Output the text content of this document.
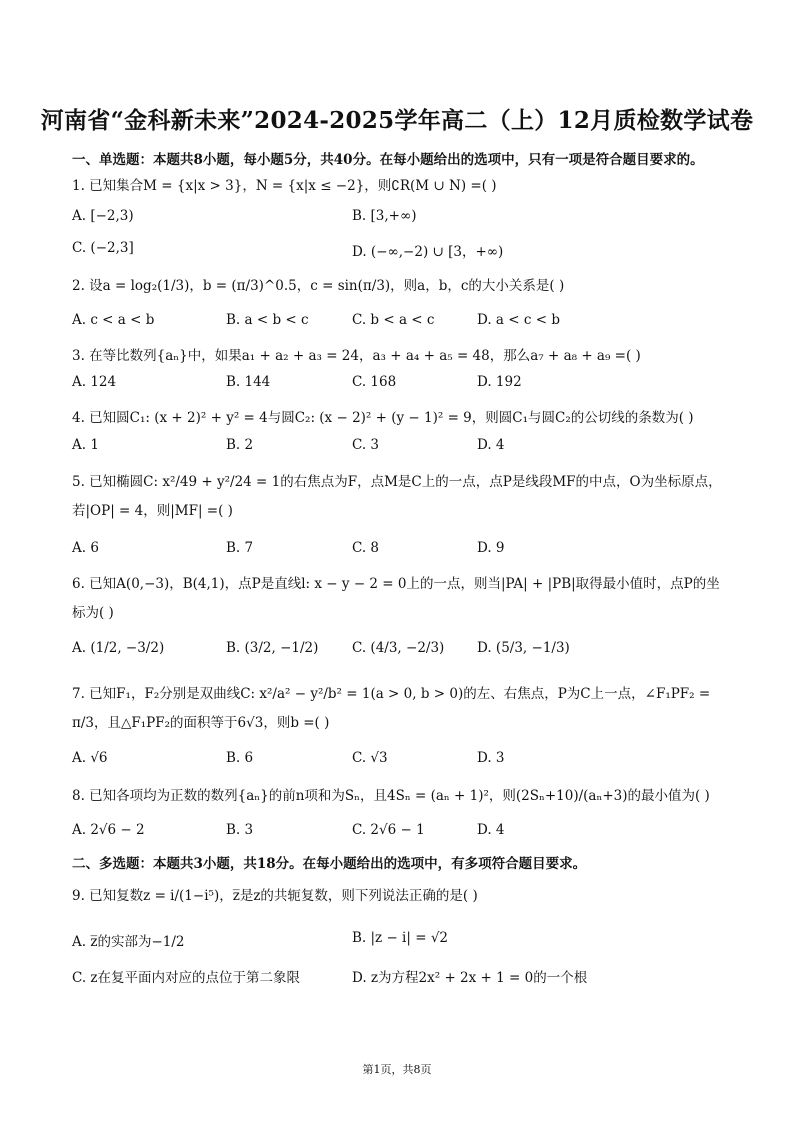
河南省“金科新未来”2024-2025学年高二（上）12月质检数学试卷
一、单选题：本题共8小题，每小题5分，共40分。在每小题给出的选项中，只有一项是符合题目要求的。
1. 已知集合M = {x|x > 3}，N = {x|x ≤ −2}，则∁R(M ∪ N) =( )
A. [−2,3)	B. [3,+∞)
C. (−2,3]	D. (−∞,−2) ∪ [3，+∞)
2. 设a = log₂(1/3)，b = (π/3)^0.5，c = sin(π/3)，则a，b，c的大小关系是( )
A. c < a < b	B. a < b < c	C. b < a < c	D. a < c < b
3. 在等比数列{aₙ}中，如果a₁ + a₂ + a₃ = 24，a₃ + a₄ + a₅ = 48，那么a₇ + a₈ + a₉ =( )
A. 124	B. 144	C. 168	D. 192
4. 已知圆C₁: (x + 2)² + y² = 4与圆C₂: (x − 2)² + (y − 1)² = 9，则圆C₁与圆C₂的公切线的条数为( )
A. 1	B. 2	C. 3	D. 4
5. 已知椭圆C: x²/49 + y²/24 = 1的右焦点为F，点M是C上的一点，点P是线段MF的中点，O为坐标原点，若|OP| = 4，则|MF| =( )
A. 6	B. 7	C. 8	D. 9
6. 已知A(0,−3)，B(4,1)，点P是直线l: x − y − 2 = 0上的一点，则当|PA| + |PB|取得最小值时，点P的坐标为( )
A. (1/2, −3/2)	B. (3/2, −1/2) C. (4/3, −2/3) D. (5/3, −1/3)
7. 已知F₁，F₂分别是双曲线C: x²/a² − y²/b² = 1(a > 0, b > 0)的左、右焦点，P为C上一点，∠F₁PF₂ = π/3，且△F₁PF₂的面积等于6√3，则b =( )
A. √6	B. 6	C. √3	D. 3
8. 已知各项均为正数的数列{aₙ}的前n项和为Sₙ，且4Sₙ = (aₙ + 1)²，则(2Sₙ+10)/(aₙ+3)的最小值为( )
A. 2√6 − 2	B. 3	C. 2√6 − 1	D. 4
二、多选题：本题共3小题，共18分。在每小题给出的选项中，有多项符合题目要求。
9. 已知复数z = i/(1−i⁵)，z̅是z的共轭复数，则下列说法正确的是( )
A. z̅的实部为−1/2	B. |z − i| = √2
C. z在复平面内对应的点位于第二象限	D. z为方程2x² + 2x + 1 = 0的一个根
第1页，共8页
